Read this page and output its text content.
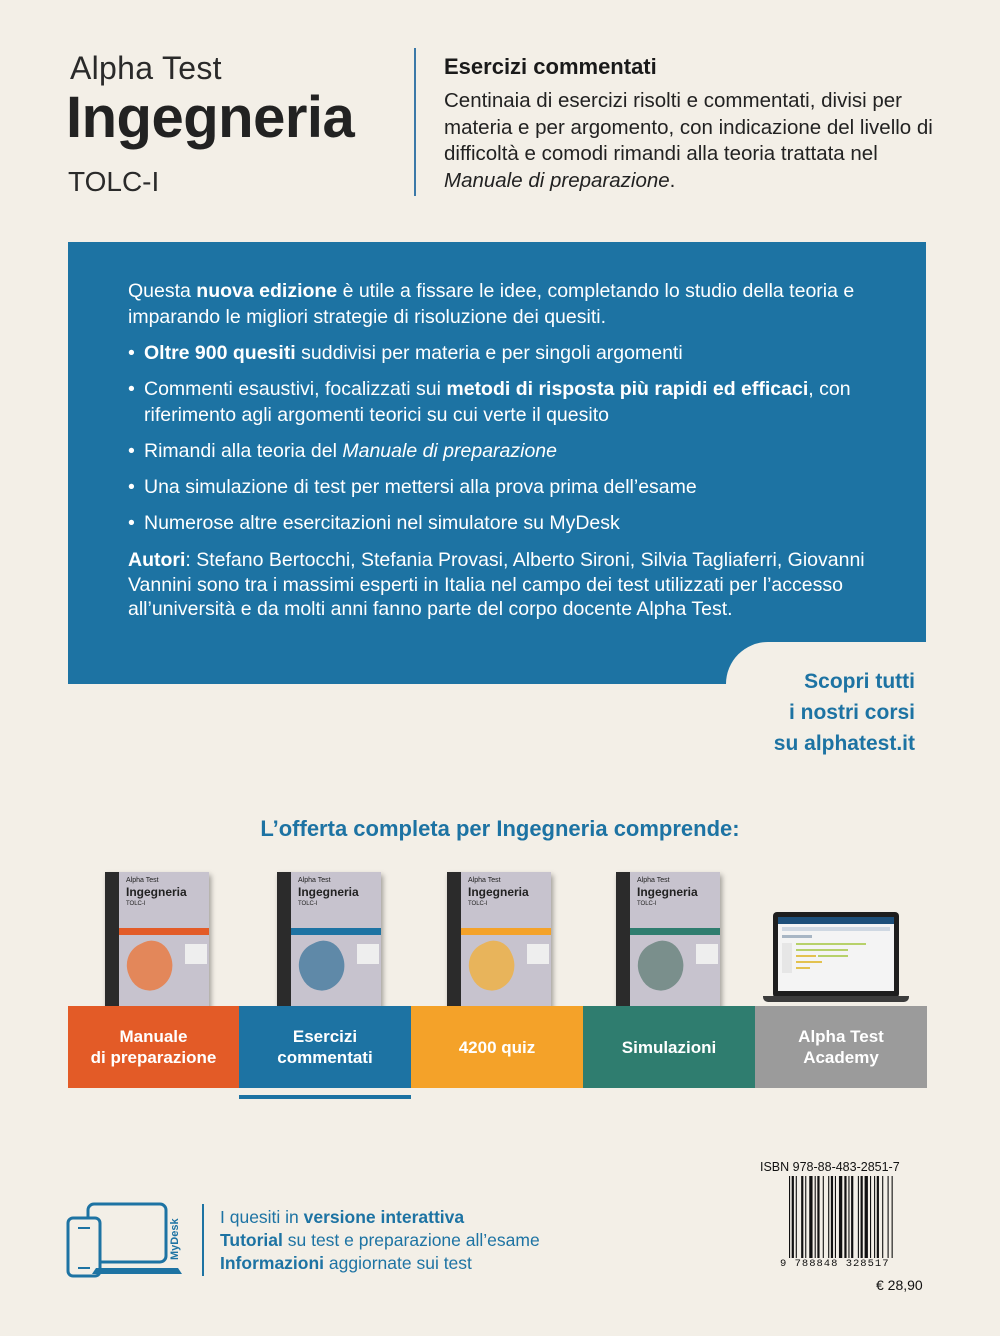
Alpha Test
Ingegneria
TOLC-I
Esercizi commentati
Centinaia di esercizi risolti e commentati, divisi per materia e per argomento, con indicazione del livello di difficoltà e comodi rimandi alla teoria trattata nel Manuale di preparazione.
Questa nuova edizione è utile a fissare le idee, completando lo studio della teoria e imparando le migliori strategie di risoluzione dei quesiti.
• Oltre 900 quesiti suddivisi per materia e per singoli argomenti
• Commenti esaustivi, focalizzati sui metodi di risposta più rapidi ed efficaci, con riferimento agli argomenti teorici su cui verte il quesito
• Rimandi alla teoria del Manuale di preparazione
• Una simulazione di test per mettersi alla prova prima dell’esame
• Numerose altre esercitazioni nel simulatore su MyDesk
Autori: Stefano Bertocchi, Stefania Provasi, Alberto Sironi, Silvia Tagliaferri, Giovanni Vannini sono tra i massimi esperti in Italia nel campo dei test utilizzati per l’accesso all’università e da molti anni fanno parte del corpo docente Alpha Test.
Scopri tutti
i nostri corsi
su alphatest.it
L’offerta completa per Ingegneria comprende:
Alpha Test
Ingegneria
TOLC-I
Alpha Test
Ingegneria
TOLC-I
Alpha Test
Ingegneria
TOLC-I
Alpha Test
Ingegneria
TOLC-I
Manuale
di preparazione
Esercizi
commentati
4200 quiz	Simulazioni
Alpha Test
Academy
MyDesk
I quesiti in versione interattiva
Tutorial su test e preparazione all’esame
Informazioni aggiornate sui test
ISBN 978-88-483-2851-7
9 788848 328517
€ 28,90
